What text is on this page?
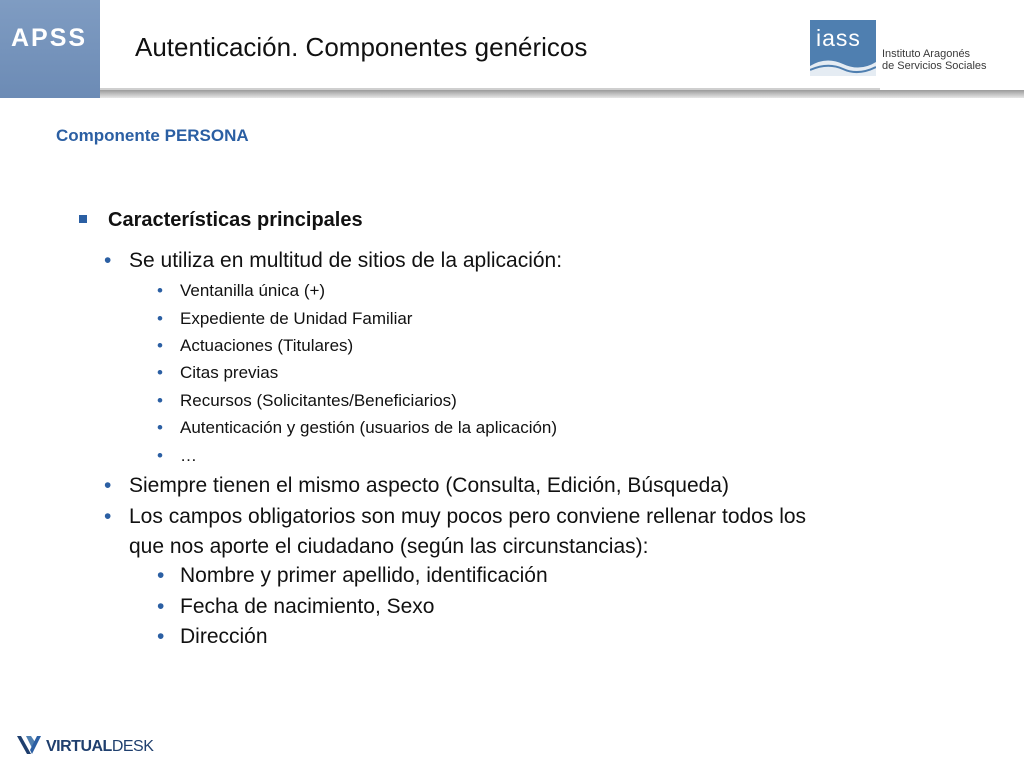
APSS Autenticación. Componentes genéricos	iass
Instituto Aragonés
de Servicios Sociales
Componente PERSONA
Características principales
• Se utiliza en multitud de sitios de la aplicación:
• Ventanilla única (+)
• Expediente de Unidad Familiar
• Actuaciones (Titulares)
• Citas previas
• Recursos (Solicitantes/Beneficiarios)
• Autenticación y gestión (usuarios de la aplicación)
• …
• Siempre tienen el mismo aspecto (Consulta, Edición, Búsqueda)
• Los campos obligatorios son muy pocos pero conviene rellenar todos los
que nos aporte el ciudadano (según las circunstancias):
• Nombre y primer apellido, identificación
• Fecha de nacimiento, Sexo
• Dirección
VIRTUALDESK
